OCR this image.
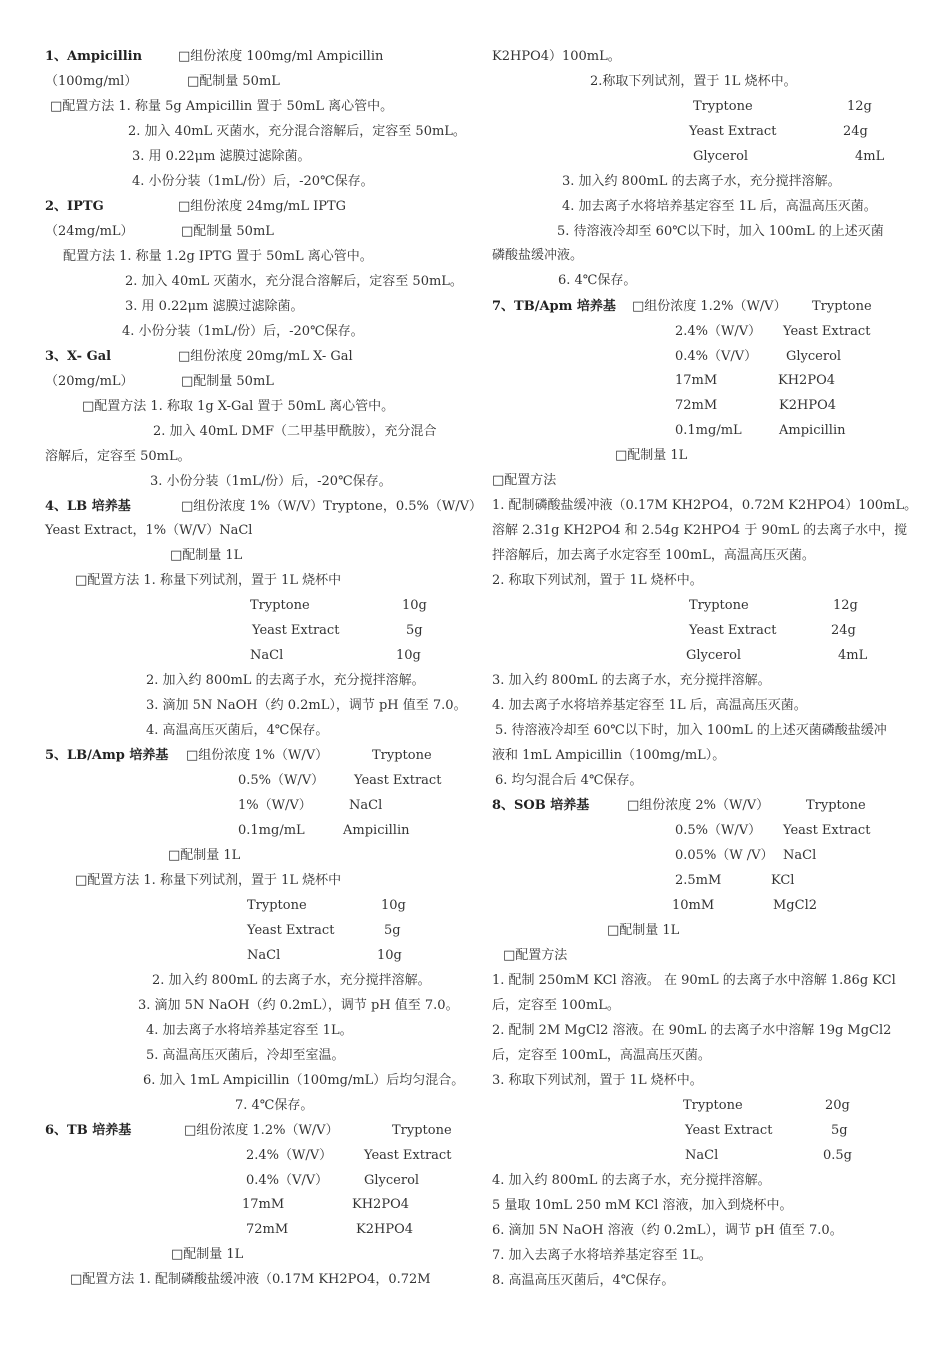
1、Ampicillin	□组份浓度 100mg/ml Ampicillin
（100mg/ml）	□配制量 50mL
□配置方法 1. 称量 5g Ampicillin 置于 50mL 离心管中。
2. 加入 40mL 灭菌水，充分混合溶解后，定容至 50mL。
3. 用 0.22μm 滤膜过滤除菌。
4. 小份分装（1mL/份）后，-20℃保存。
2、IPTG	□组份浓度 24mg/mL IPTG
（24mg/mL）	□配制量 50mL
配置方法 1. 称量 1.2g IPTG 置于 50mL 离心管中。
2. 加入 40mL 灭菌水，充分混合溶解后，定容至 50mL。
3. 用 0.22μm 滤膜过滤除菌。
4. 小份分装（1mL/份）后，-20℃保存。
3、X- Gal	□组份浓度 20mg/mL X- Gal
（20mg/mL）	□配制量 50mL
□配置方法 1. 称取 1g X-Gal 置于 50mL 离心管中。
2. 加入 40mL DMF（二甲基甲酰胺），充分混合
溶解后，定容至 50mL。
3. 小份分装（1mL/份）后，-20℃保存。
4、LB 培养基	□组份浓度 1%（W/V）Tryptone，0.5%（W/V）
Yeast Extract，1%（W/V）NaCl
□配制量 1L
□配置方法 1. 称量下列试剂，置于 1L 烧杯中
Tryptone	10g
Yeast Extract	5g
NaCl	10g
2. 加入约 800mL 的去离子水，充分搅拌溶解。
3. 滴加 5N NaOH（约 0.2mL），调节 pH 值至 7.0。
4. 高温高压灭菌后，4℃保存。
5、LB/Amp 培养基 □组份浓度 1%（W/V）	Tryptone
0.5%（W/V） Yeast Extract
1%（W/V）	NaCl
0.1mg/mL	Ampicillin
□配制量 1L
□配置方法 1. 称量下列试剂，置于 1L 烧杯中
Tryptone	10g
Yeast Extract	5g
NaCl	10g
2. 加入约 800mL 的去离子水，充分搅拌溶解。
3. 滴加 5N NaOH（约 0.2mL），调节 pH 值至 7.0。
4. 加去离子水将培养基定容至 1L。
5. 高温高压灭菌后，冷却至室温。
6. 加入 1mL Ampicillin（100mg/mL）后均匀混合。
7. 4℃保存。
6、TB 培养基	□组份浓度 1.2%（W/V）	Tryptone
2.4%（W/V） Yeast Extract
0.4%（V/V）	Glycerol
17mM	KH2PO4
72mM	K2HPO4
□配制量 1L
□配置方法 1. 配制磷酸盐缓冲液（0.17M KH2PO4，0.72M
K2HPO4）100mL。
2.称取下列试剂，置于 1L 烧杯中。
Tryptone	12g
Yeast Extract	24g
Glycerol	4mL
3. 加入约 800mL 的去离子水，充分搅拌溶解。
4. 加去离子水将培养基定容至 1L 后，高温高压灭菌。
5. 待溶液冷却至 60℃以下时，加入 100mL 的上述灭菌
磷酸盐缓冲液。
6. 4℃保存。
7、TB/Apm 培养基 □组份浓度 1.2%（W/V） Tryptone
2.4%（W/V） Yeast Extract
0.4%（V/V） Glycerol
17mM	KH2PO4
72mM	K2HPO4
0.1mg/mL	Ampicillin
□配制量 1L
□配置方法
1. 配制磷酸盐缓冲液（0.17M KH2PO4，0.72M K2HPO4）100mL。
溶解 2.31g KH2PO4 和 2.54g K2HPO4 于 90mL 的去离子水中，搅
拌溶解后，加去离子水定容至 100mL，高温高压灭菌。
2. 称取下列试剂，置于 1L 烧杯中。
Tryptone	12g
Yeast Extract	24g
Glycerol	4mL
3. 加入约 800mL 的去离子水，充分搅拌溶解。
4. 加去离子水将培养基定容至 1L 后，高温高压灭菌。
5. 待溶液冷却至 60℃以下时，加入 100mL 的上述灭菌磷酸盐缓冲
液和 1mL Ampicillin（100mg/mL）。
6. 均匀混合后 4℃保存。
8、SOB 培养基	□组份浓度 2%（W/V）	Tryptone
0.5%（W/V） Yeast Extract
0.05%（W /V） NaCl
2.5mM	KCl
10mM	MgCl2
□配制量 1L
□配置方法
1. 配制 250mM KCl 溶液。 在 90mL 的去离子水中溶解 1.86g KCl
后，定容至 100mL。
2. 配制 2M MgCl2 溶液。在 90mL 的去离子水中溶解 19g MgCl2
后，定容至 100mL，高温高压灭菌。
3. 称取下列试剂，置于 1L 烧杯中。
Tryptone	20g
Yeast Extract	5g
NaCl	0.5g
4. 加入约 800mL 的去离子水，充分搅拌溶解。
5 量取 10mL 250 mM KCl 溶液，加入到烧杯中。
6. 滴加 5N NaOH 溶液（约 0.2mL），调节 pH 值至 7.0。
7. 加入去离子水将培养基定容至 1L。
8. 高温高压灭菌后，4℃保存。
